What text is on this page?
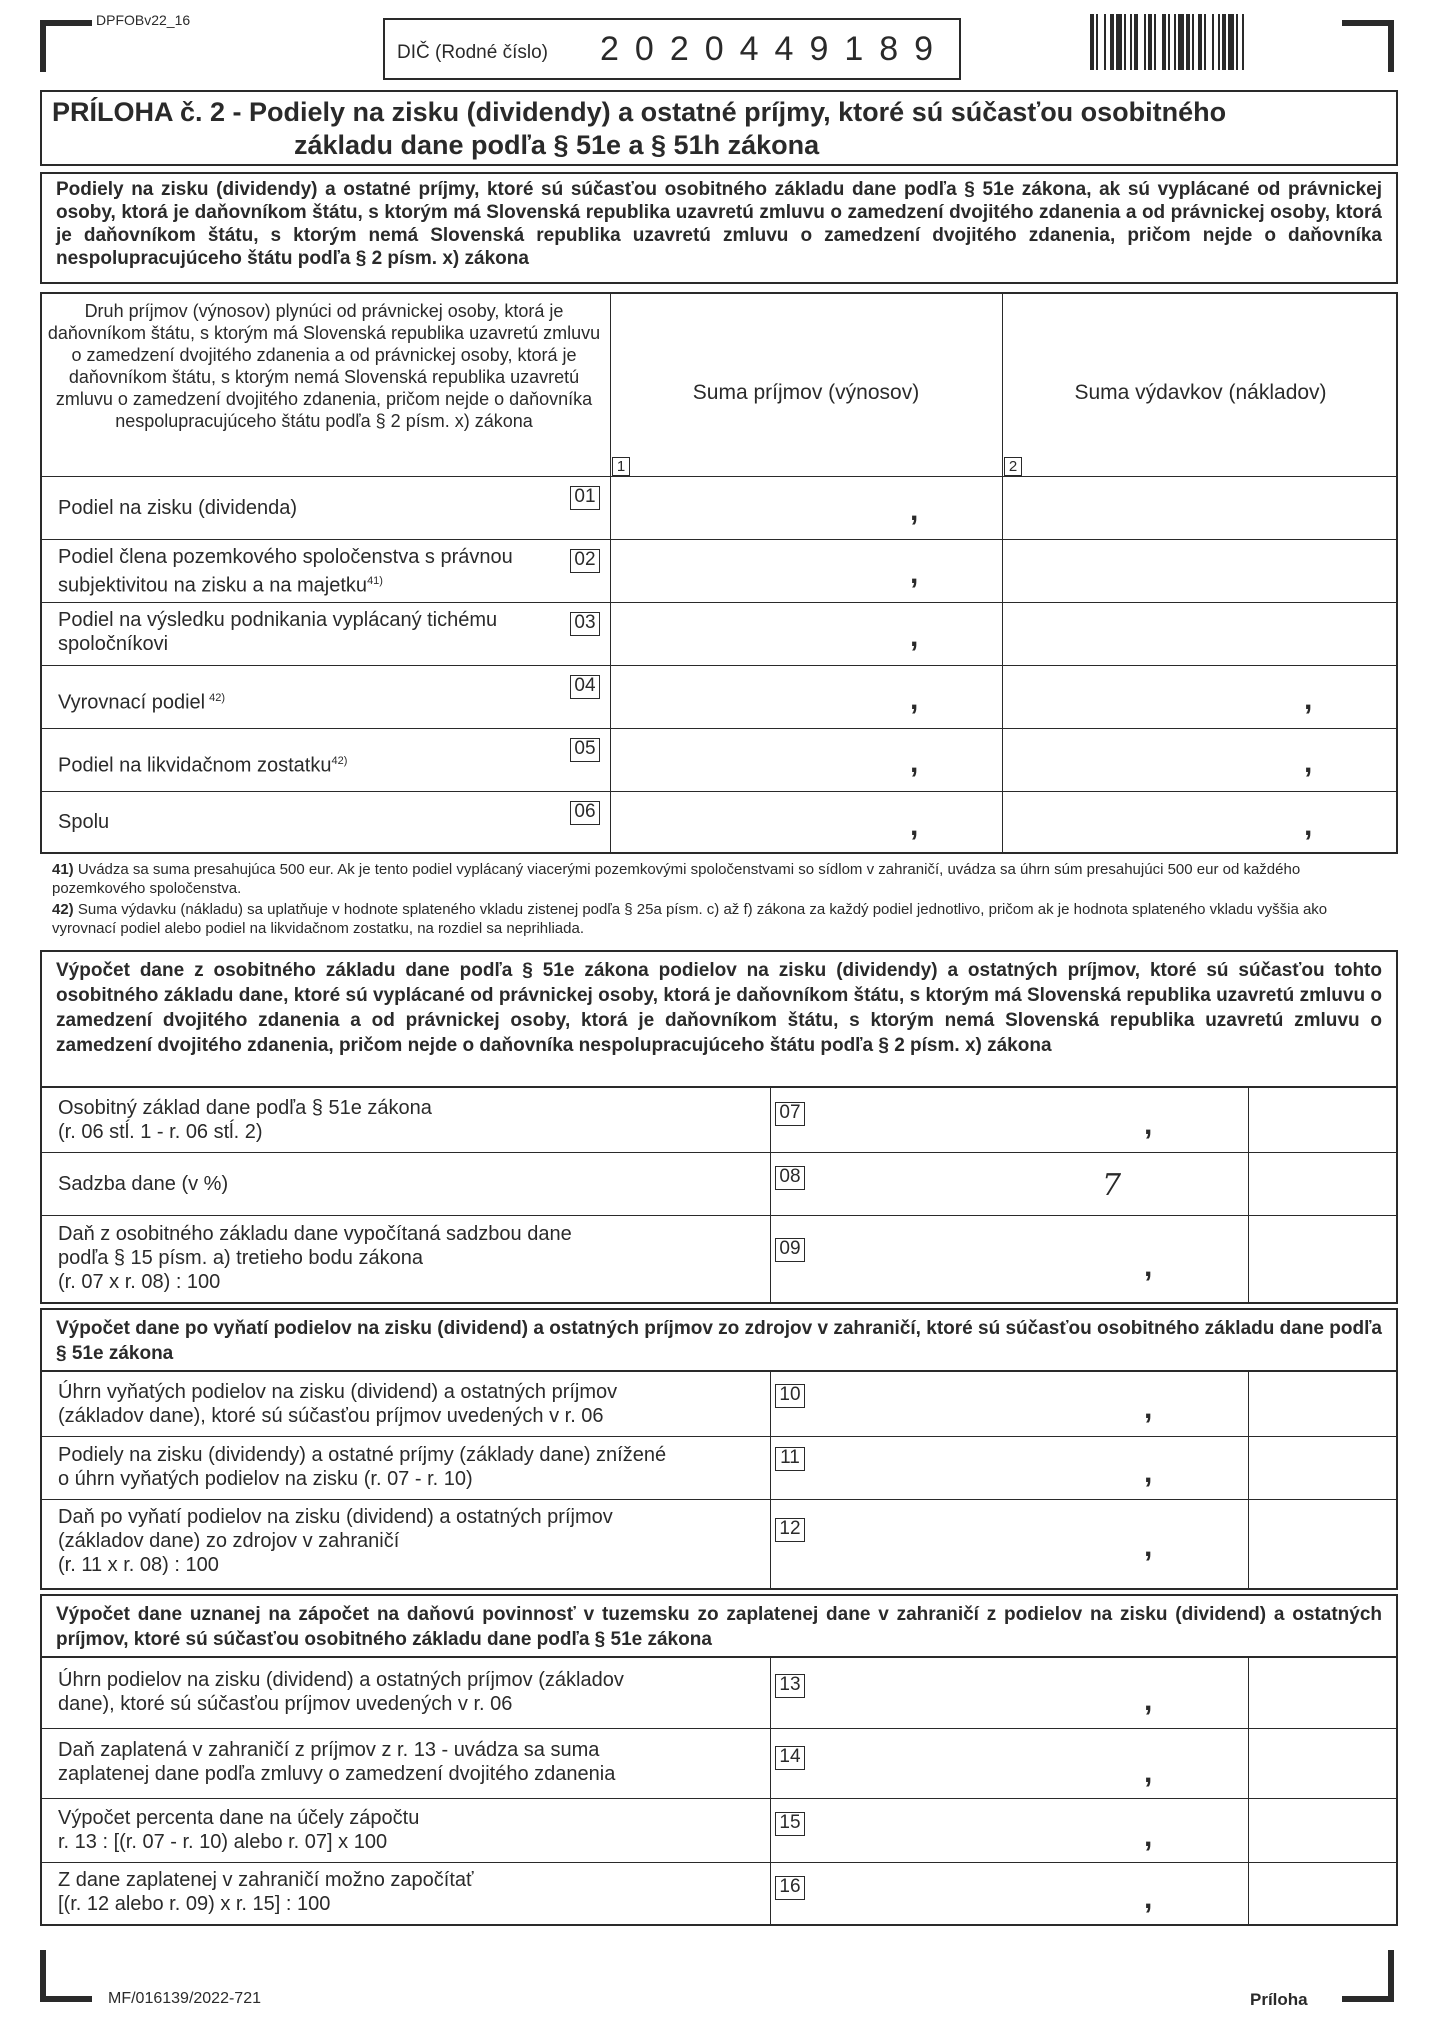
DPFOBv22_16
DIČ (Rodné číslo) 2020449189
PRÍLOHA č. 2 - Podiely na zisku (dividendy) a ostatné príjmy, ktoré sú súčasťou osobitného
základu dane podľa § 51e a § 51h zákona
Podiely na zisku (dividendy) a ostatné príjmy, ktoré sú súčasťou osobitného základu dane podľa § 51e zákona, ak sú vyplácané od právnickej osoby, ktorá je daňovníkom štátu, s ktorým má Slovenská republika uzavretú zmluvu o zamedzení dvojitého zdanenia a od právnickej osoby, ktorá je daňovníkom štátu, s ktorým nemá Slovenská republika uzavretú zmluvu o zamedzení dvojitého zdanenia, pričom nejde o daňovníka nespolupracujúceho štátu podľa § 2 písm. x) zákona
Druh príjmov (výnosov) plynúci od právnickej osoby, ktorá je daňovníkom štátu, s ktorým má Slovenská republika uzavretú zmluvu o zamedzení dvojitého zdanenia a od právnickej osoby, ktorá je daňovníkom štátu, s ktorým nemá Slovenská republika uzavretú zmluvu o zamedzení dvojitého zdanenia, pričom nejde o daňovníka nespolupracujúceho štátu podľa § 2 písm. x) zákona
Suma príjmov (výnosov)	Suma výdavkov (nákladov)
1	2
Podiel na zisku (dividenda)
01	,
Podiel člena pozemkového spoločenstva s právnou subjektivitou na zisku a na majetku$^{41)}$
02	,
Podiel na výsledku podnikania vyplácaný tichému spoločníkovi
03	,
Vyrovnací podiel $^{42)}$
04	,	,
Podiel na likvidačnom zostatku$^{42)}$
05	,	,
Spolu	06	,	,
41) Uvádza sa suma presahujúca 500 eur. Ak je tento podiel vyplácaný viacerými pozemkovými spoločenstvami so sídlom v zahraničí, uvádza sa úhrn súm presahujúci 500 eur od každého pozemkového spoločenstva.
42) Suma výdavku (nákladu) sa uplatňuje v hodnote splateného vkladu zistenej podľa § 25a písm. c) až f) zákona za každý podiel jednotlivo, pričom ak je hodnota splateného vkladu vyššia ako vyrovnací podiel alebo podiel na likvidačnom zostatku, na rozdiel sa neprihliada.
Výpočet dane z osobitného základu dane podľa § 51e zákona podielov na zisku (dividendy) a ostatných príjmov, ktoré sú súčasťou tohto osobitného základu dane, ktoré sú vyplácané od právnickej osoby, ktorá je daňovníkom štátu, s ktorým má Slovenská republika uzavretú zmluvu o zamedzení dvojitého zdanenia a od právnickej osoby, ktorá je daňovníkom štátu, s ktorým nemá Slovenská republika uzavretú zmluvu o zamedzení dvojitého zdanenia, pričom nejde o daňovníka nespolupracujúceho štátu podľa § 2 písm. x) zákona
Osobitný základ dane podľa § 51e zákona
(r. 06 stĺ. 1 - r. 06 stĺ. 2)
07	,
Sadzba dane (v %)	08	7
Daň z osobitného základu dane vypočítaná sadzbou dane
podľa § 15 písm. a) tretieho bodu zákona
(r. 07 x r. 08) : 100
09
,
Výpočet dane po vyňatí podielov na zisku (dividend) a ostatných príjmov zo zdrojov v zahraničí, ktoré sú súčasťou osobitného základu dane podľa § 51e zákona
Úhrn vyňatých podielov na zisku (dividend) a ostatných príjmov
(základov dane), ktoré sú súčasťou príjmov uvedených v r. 06
10	,
Podiely na zisku (dividendy) a ostatné príjmy (základy dane) znížené
o úhrn vyňatých podielov na zisku (r. 07 - r. 10)
11	,
Daň po vyňatí podielov na zisku (dividend) a ostatných príjmov
(základov dane) zo zdrojov v zahraničí
(r. 11 x r. 08) : 100
12
,
Výpočet dane uznanej na zápočet na daňovú povinnosť v tuzemsku zo zaplatenej dane v zahraničí z podielov na zisku (dividend) a ostatných príjmov, ktoré sú súčasťou osobitného základu dane podľa § 51e zákona
Úhrn podielov na zisku (dividend) a ostatných príjmov (základov
dane), ktoré sú súčasťou príjmov uvedených v r. 06
13	,
Daň zaplatená v zahraničí z príjmov z r. 13 - uvádza sa suma
zaplatenej dane podľa zmluvy o zamedzení dvojitého zdanenia
14	,
Výpočet percenta dane na účely zápočtu
r. 13 : [(r. 07 - r. 10) alebo r. 07] x 100
15	,
Z dane zaplatenej v zahraničí možno započítať
[(r. 12 alebo r. 09) x r. 15] : 100
16	,
MF/016139/2022-721	Príloha
